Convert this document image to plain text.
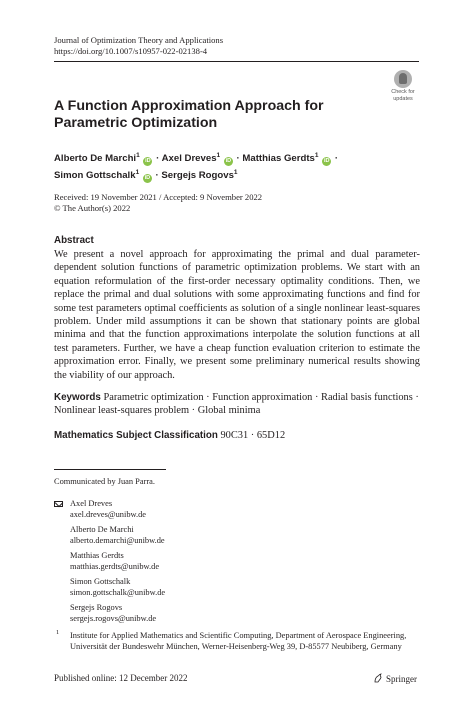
Journal of Optimization Theory and Applications
https://doi.org/10.1007/s10957-022-02138-4
Check for
updates
A Function Approximation Approach for Parametric Optimization
Alberto De Marchi$^1$ iD · Axel Dreves$^1$ iD · Matthias Gerdts$^1$ iD ·
Simon Gottschalk$^1$ iD · Sergejs Rogovs$^1$
Received: 19 November 2021 / Accepted: 9 November 2022
© The Author(s) 2022
Abstract
We present a novel approach for approximating the primal and dual parameter-dependent solution functions of parametric optimization problems. We start with an equation reformulation of the first-order necessary optimality conditions. Then, we replace the primal and dual solutions with some approximating functions and find for some test parameters optimal coefficients as solution of a single nonlinear least-squares problem. Under mild assumptions it can be shown that stationary points are global minima and that the function approximations interpolate the solution functions at all test parameters. Further, we have a cheap function evaluation criterion to estimate the approximation error. Finally, we present some preliminary numerical results showing the viability of our approach.
Keywords Parametric optimization · Function approximation · Radial basis functions · Nonlinear least-squares problem · Global minima
Mathematics Subject Classification 90C31 · 65D12
Communicated by Juan Parra.
Axel Dreves
axel.dreves@unibw.de
Alberto De Marchi
alberto.demarchi@unibw.de
Matthias Gerdts
matthias.gerdts@unibw.de
Simon Gottschalk
simon.gottschalk@unibw.de
Sergejs Rogovs
sergejs.rogovs@unibw.de
1 Institute for Applied Mathematics and Scientific Computing, Department of Aerospace Engineering, Universität der Bundeswehr München, Werner-Heisenberg-Weg 39, D-85577 Neubiberg, Germany
Published online: 12 December 2022	Springer
